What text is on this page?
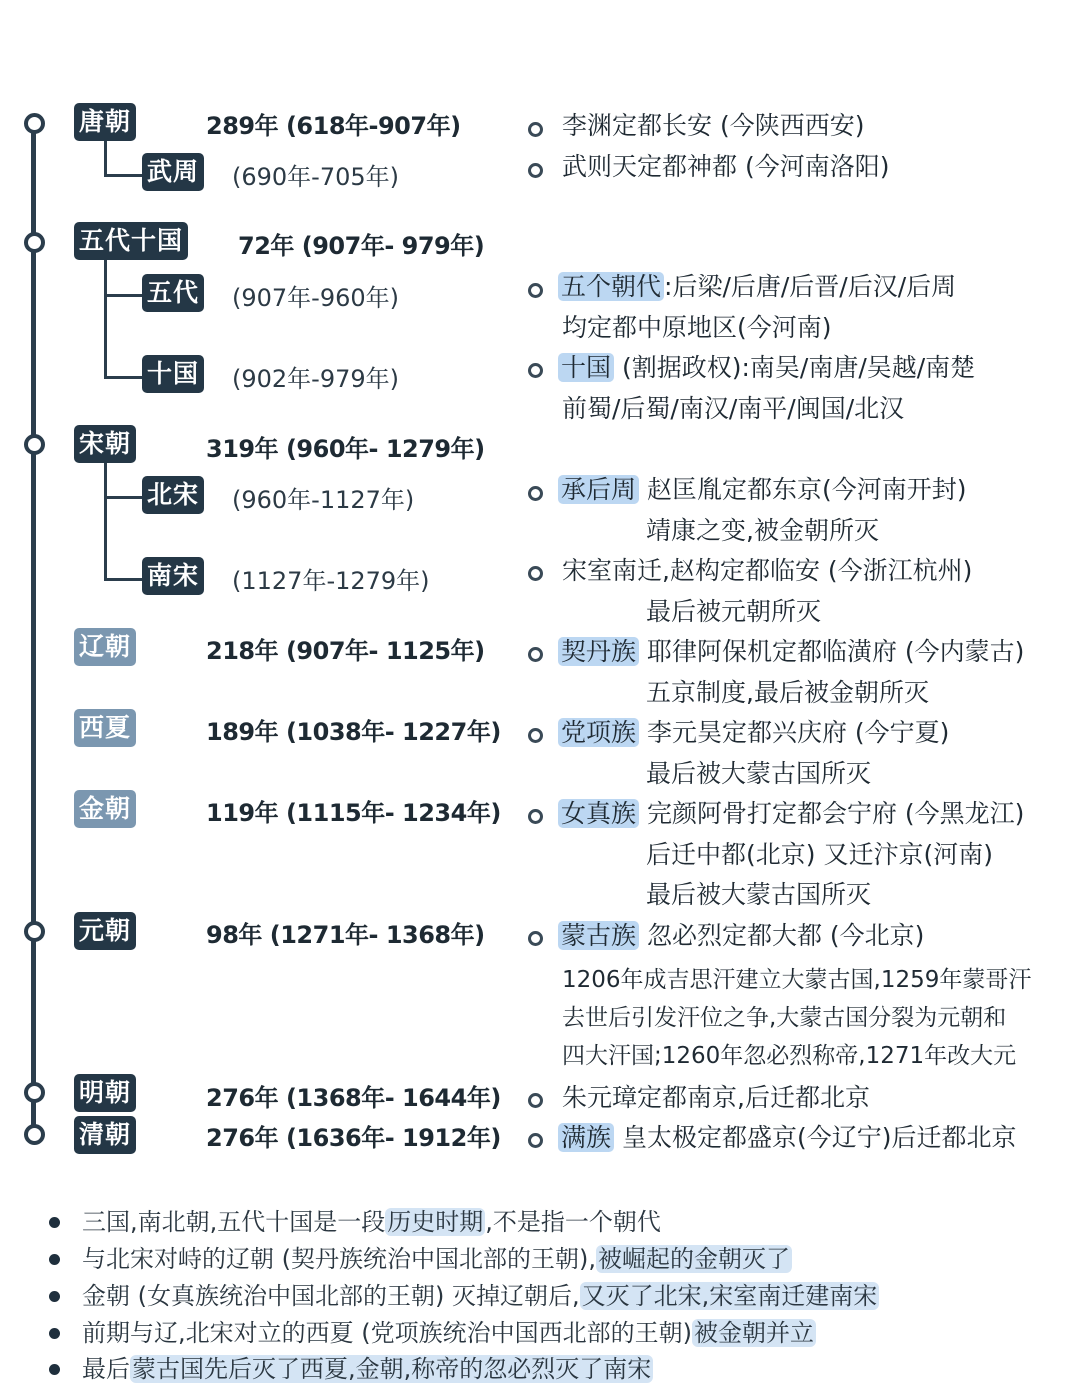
唐朝	289年 (618年-907年)	李渊定都长安 (今陕西西安)
武周 (690年-705年)	武则天定都神都 (今河南洛阳)
五代十国 72年 (907年- 979年)
五代 (907年-960年)	五个朝代 :后梁/后唐/后晋/后汉/后周
均定都中原地区(今河南)
十国 (902年-979年)	十国 (割据政权):南吴/南唐/吴越/南楚
前蜀/后蜀/南汉/南平/闽国/北汉
宋朝	319年 (960年- 1279年)
北宋 (960年-1127年)	承后周 赵匡胤定都东京(今河南开封)
靖康之变,被金朝所灭
南宋 (1127年-1279年)	宋室南迁,赵构定都临安 (今浙江杭州)
最后被元朝所灭
辽朝	218年 (907年- 1125年)	契丹族 耶律阿保机定都临潢府 (今内蒙古)
五京制度,最后被金朝所灭
西夏	189年 (1038年- 1227年) 党项族 李元昊定都兴庆府 (今宁夏)
最后被大蒙古国所灭
金朝	119年 (1115年- 1234年) 女真族 完颜阿骨打定都会宁府 (今黑龙江)
后迁中都(北京) 又迁汴京(河南)
最后被大蒙古国所灭
元朝	98年 (1271年- 1368年)	蒙古族 忽必烈定都大都 (今北京)
1206年成吉思汗建立大蒙古国,1259年蒙哥汗
去世后引发汗位之争,大蒙古国分裂为元朝和
四大汗国;1260年忽必烈称帝,1271年改大元
明朝	276年 (1368年- 1644年) 朱元璋定都南京,后迁都北京
清朝	276年 (1636年- 1912年) 满族 皇太极定都盛京(今辽宁)后迁都北京
三国,南北朝,五代十国是一段历史时期,不是指一个朝代
与北宋对峙的辽朝 (契丹族统治中国北部的王朝),被崛起的金朝灭了
金朝 (女真族统治中国北部的王朝) 灭掉辽朝后,又灭了北宋,宋室南迁建南宋
前期与辽,北宋对立的西夏 (党项族统治中国西北部的王朝)被金朝并立
最后蒙古国先后灭了西夏,金朝,称帝的忽必烈灭了南宋
